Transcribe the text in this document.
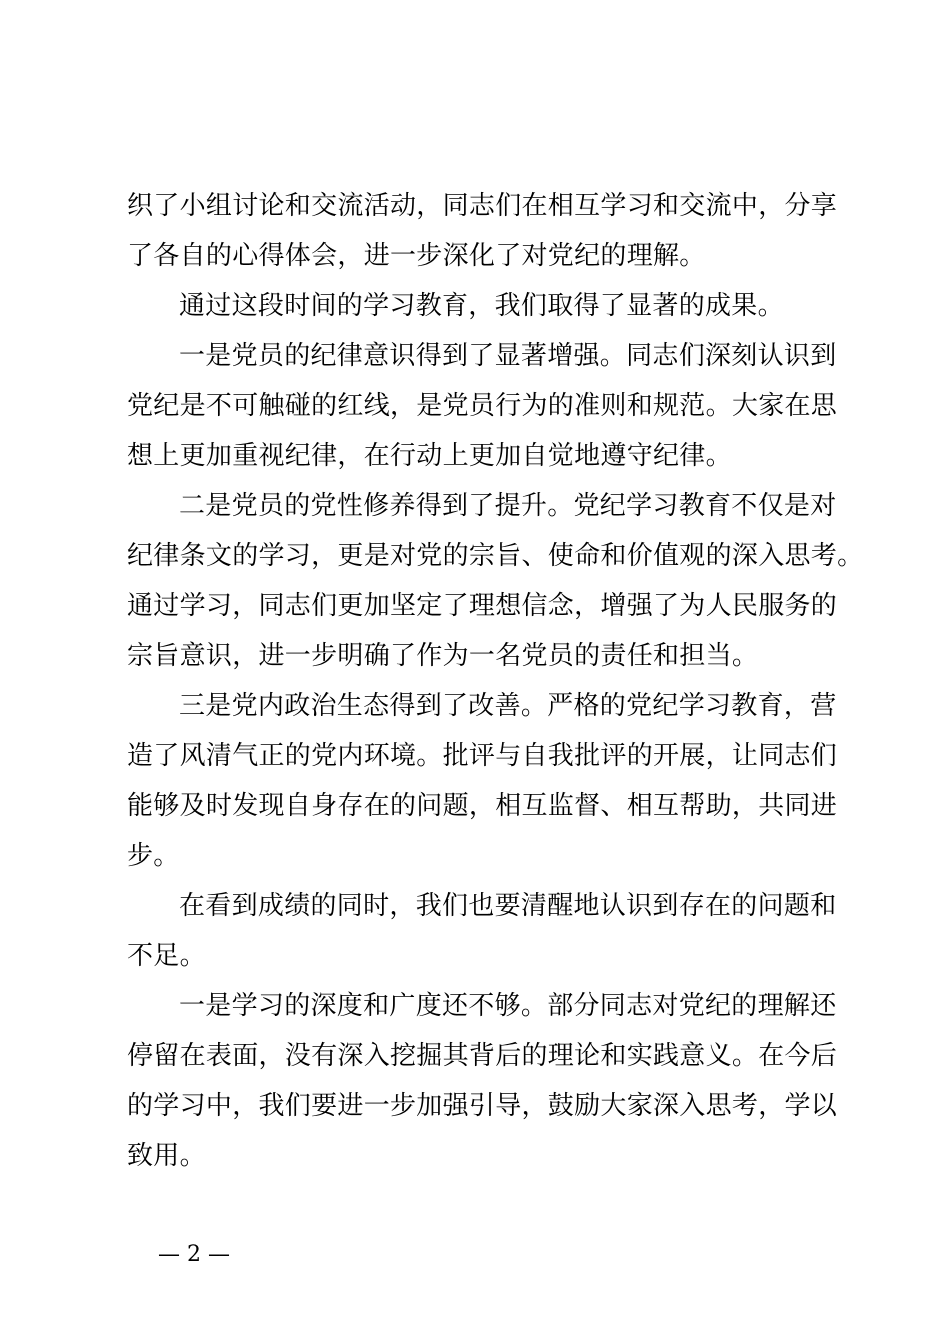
织了小组讨论和交流活动，同志们在相互学习和交流中，分享
了各自的心得体会，进一步深化了对党纪的理解。
通过这段时间的学习教育，我们取得了显著的成果。
一是党员的纪律意识得到了显著增强。同志们深刻认识到
党纪是不可触碰的红线，是党员行为的准则和规范。大家在思
想上更加重视纪律，在行动上更加自觉地遵守纪律。
二是党员的党性修养得到了提升。党纪学习教育不仅是对
纪律条文的学习，更是对党的宗旨、使命和价值观的深入思考。
通过学习，同志们更加坚定了理想信念，增强了为人民服务的
宗旨意识，进一步明确了作为一名党员的责任和担当。
三是党内政治生态得到了改善。严格的党纪学习教育，营
造了风清气正的党内环境。批评与自我批评的开展，让同志们
能够及时发现自身存在的问题，相互监督、相互帮助，共同进
步。
在看到成绩的同时，我们也要清醒地认识到存在的问题和
不足。
一是学习的深度和广度还不够。部分同志对党纪的理解还
停留在表面，没有深入挖掘其背后的理论和实践意义。在今后
的学习中，我们要进一步加强引导，鼓励大家深入思考，学以
致用。
— 2 —
